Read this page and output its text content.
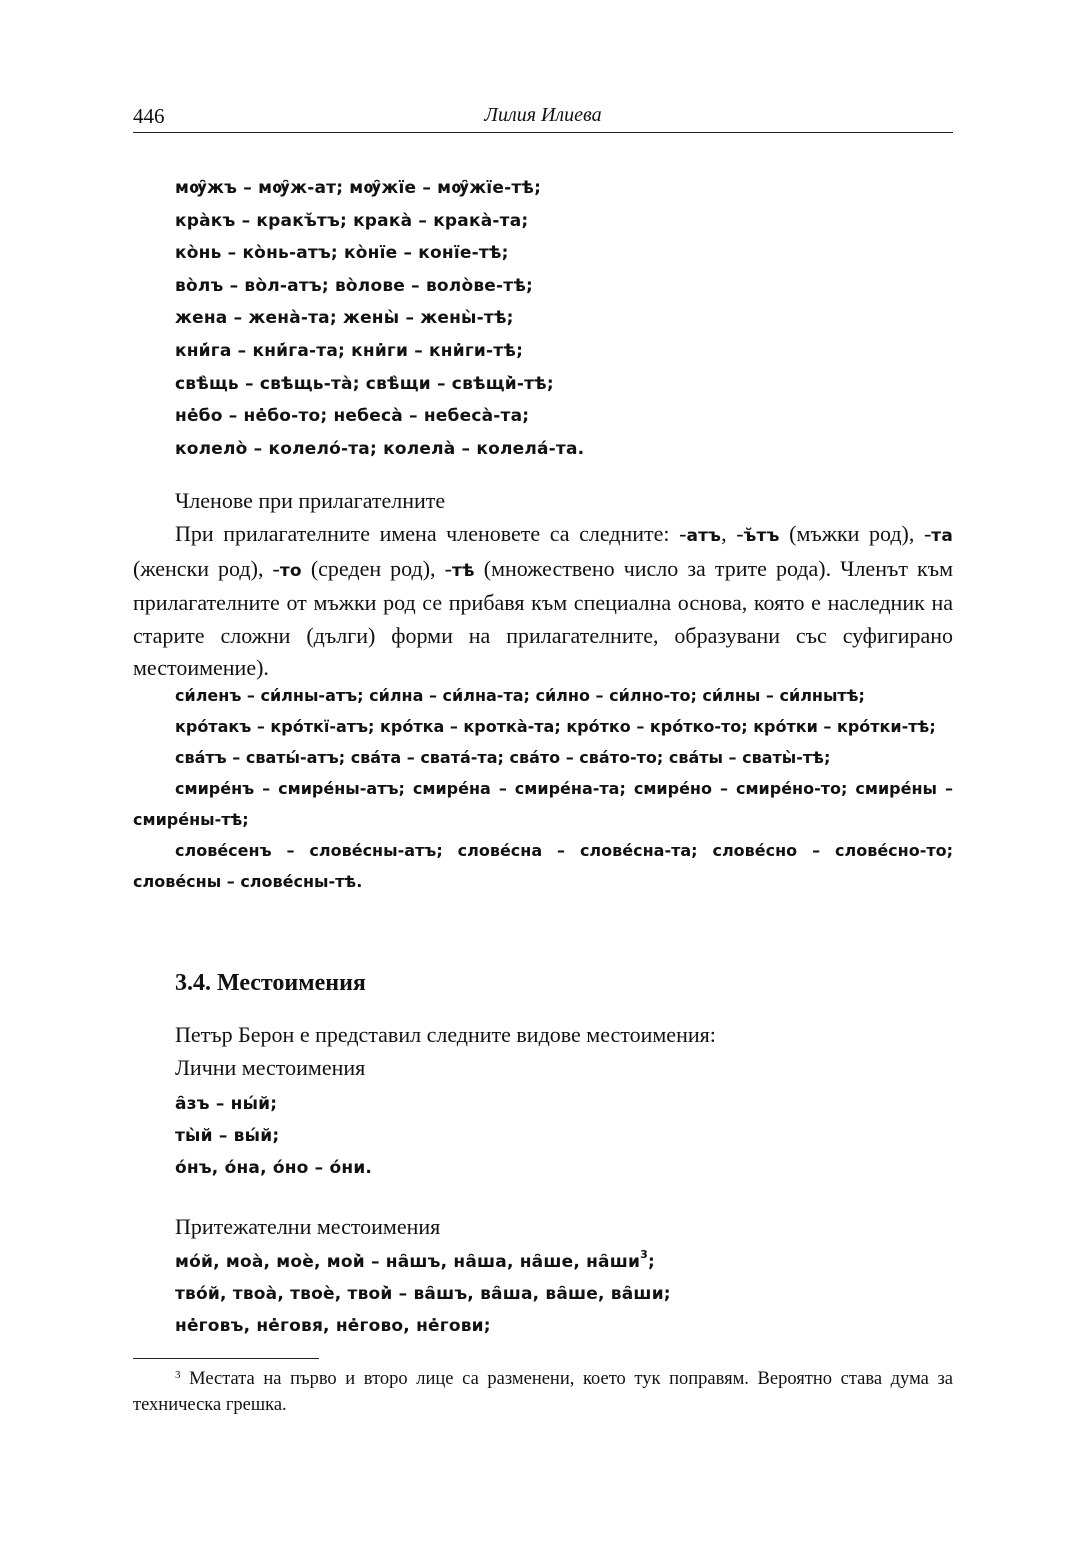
446	Лилия Илиева
мѹ̑жъ – мѹ̑ж-ат; мѹ̑жїе – мѹ̑жїе-тѣ;
кра̀къ – кракъ̆тъ; крака̀ – крака̀-та;
ко̀нь – ко̀нь-атъ; ко̀нїе – конїе-тѣ;
во̀лъ – во̀л-атъ; во̀лове – воло̀ве-тѣ;
жена – жена̀-та; жены̀ – жены̀-тѣ;
кни̇́га – кни̇́га-та; кни̇ги – кни̇ги-тѣ;
свѣ̀щь – свѣщь-та̀; свѣ̀щи – свѣщи̇̀-тѣ;
не̇бо – не̇бо-то; небеса̀ – небеса̀-та;
колело̀ – колело́-та; колела̀ – колела́-та.
Членове при прилагателните
При прилагателните имена членовете са следните: -атъ, -ъ̆тъ (мъжки род), -та (женски род), -то (среден род), -тѣ (множествено число за трите рода). Членът към прилагателните от мъжки род се прибавя към специална основа, която е наследник на старите сложни (дълги) форми на прилагателните, образувани със суфигирано местоимение).
си́ленъ – си́лны-атъ; си́лна – си́лна-та; си́лно – си́лно-то; си́лны – си́лнытѣ;
кро́такъ – кро́ткї-атъ; кро́тка – кротка̀-та; кро́тко – кро́тко-то; кро́тки – кро́тки-тѣ;
сва́тъ – сваты́-атъ; сва́та – свата́-та; сва́то – сва́то-то; сва́ты – сваты̀-тѣ;
смире́нъ – смире́ны-атъ; смире́на – смире́на-та; смире́но – смире́но-то; смире́ны – смире́ны-тѣ;
слове́сенъ – слове́сны-атъ; слове́сна – слове́сна-та; слове́сно – слове́сно-то; слове́сны – слове́сны-тѣ.
3.4. Местоимения
Петър Берон е представил следните видове местоимения:
Лични местоимения
а̑зъ – ны́й;
ты̀й – вы́й;
о́нъ, о́на, о́но – о́ни.
Притежателни местоимения
мо́й, моа̀, моѐ, мои̇̀ – на̑шъ, на̑ша, на̑ше, $на̑ши^3$;
тво́й, твоа̀, твоѐ, твои̇̀ – ва̑шъ, ва̑ша, ва̑ше, ва̑ши;
не̇говъ, не̇говя, не̇гово, не̇гови;
$^3$ Местата на първо и второ лице са разменени, което тук поправям. Вероятно става дума за техническа грешка.
